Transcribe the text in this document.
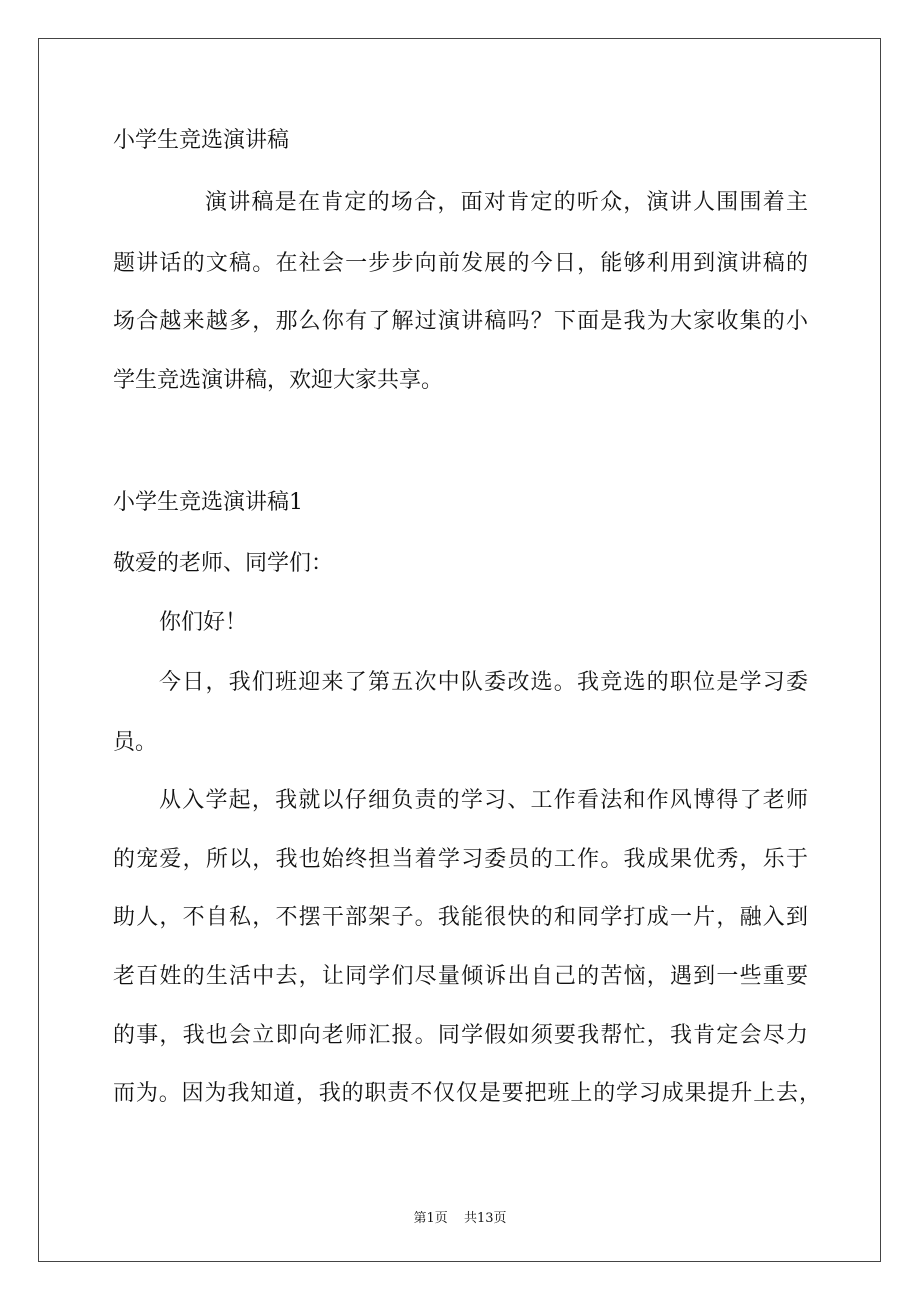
小学生竞选演讲稿
演讲稿是在肯定的场合，面对肯定的听众，演讲人围围着主
题讲话的文稿。在社会一步步向前发展的今日，能够利用到演讲稿的
场合越来越多，那么你有了解过演讲稿吗？下面是我为大家收集的小
学生竞选演讲稿，欢迎大家共享。
小学生竞选演讲稿1
敬爱的老师、同学们：
你们好！
今日，我们班迎来了第五次中队委改选。我竞选的职位是学习委
员。
从入学起，我就以仔细负责的学习、工作看法和作风博得了老师
的宠爱，所以，我也始终担当着学习委员的工作。我成果优秀，乐于
助人，不自私，不摆干部架子。我能很快的和同学打成一片，融入到
老百姓的生活中去，让同学们尽量倾诉出自己的苦恼，遇到一些重要
的事，我也会立即向老师汇报。同学假如须要我帮忙，我肯定会尽力
而为。因为我知道，我的职责不仅仅是要把班上的学习成果提升上去，
第1页 共13页
